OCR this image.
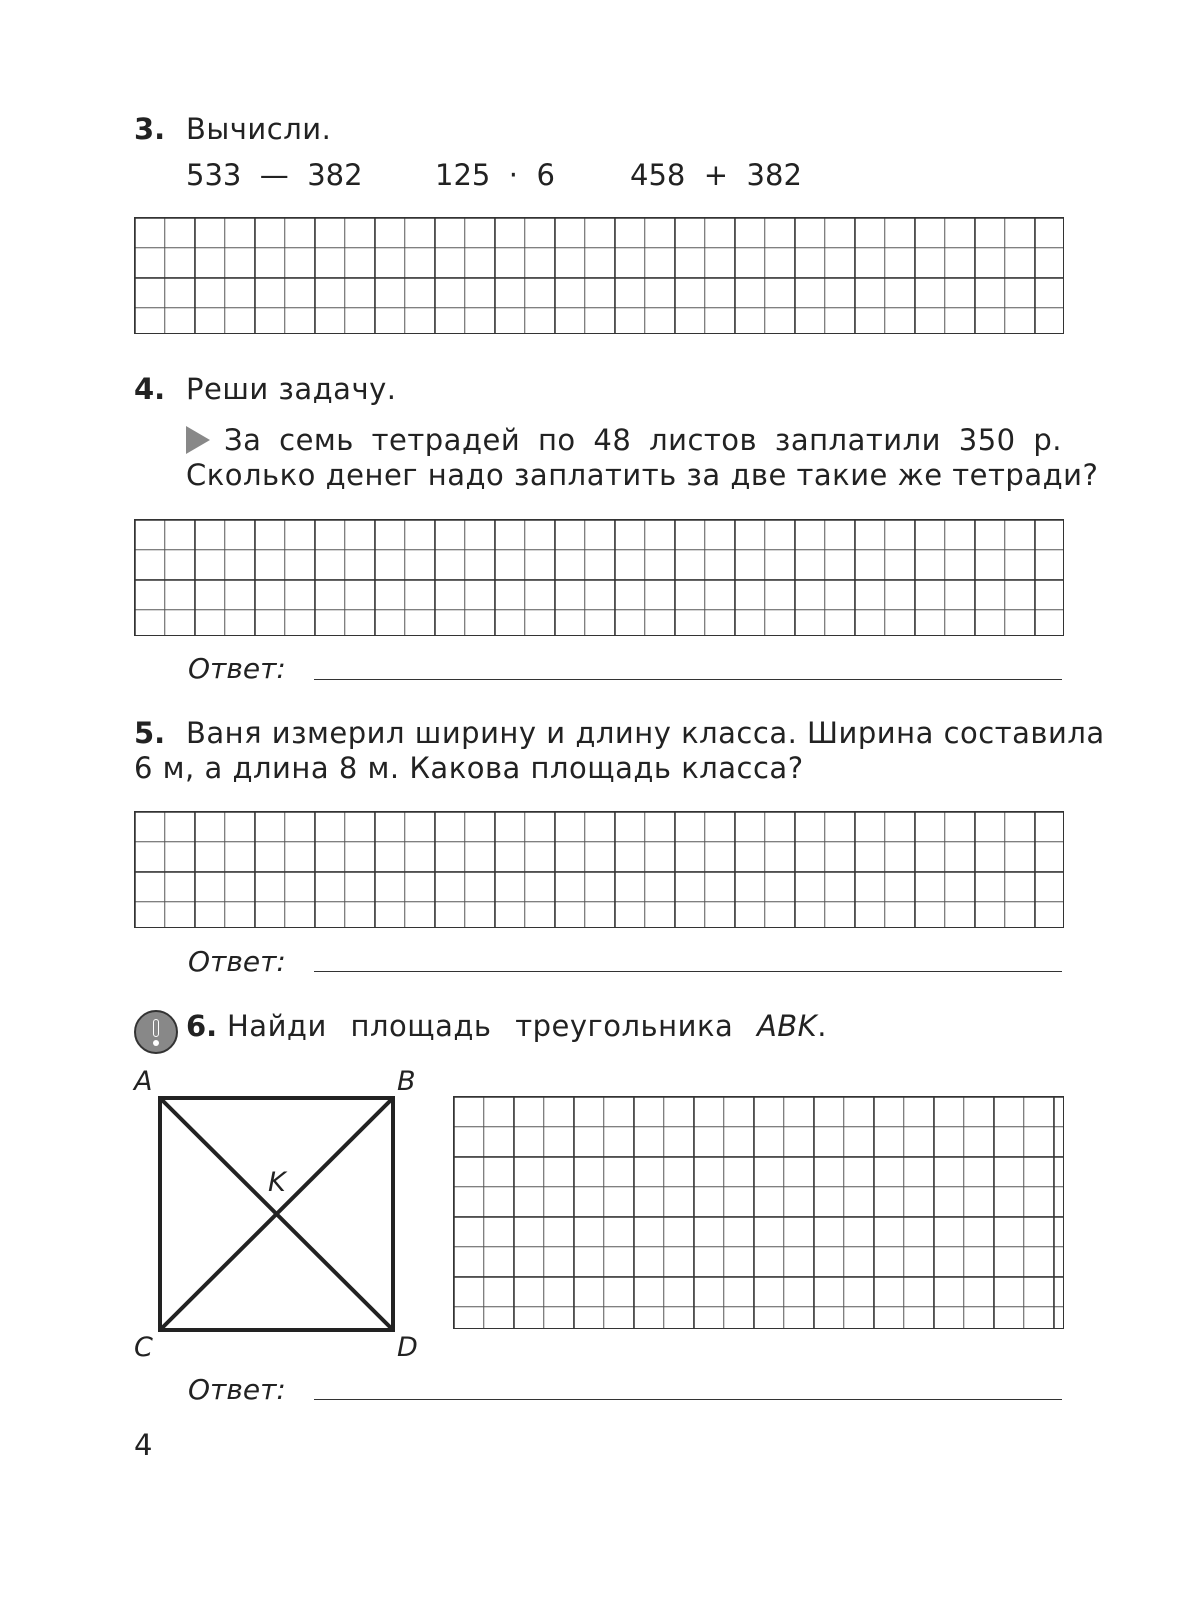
3. Вычисли.
533 — 382 125 · 6	458 + 382
4. Реши задачу.
За семь тетрадей по 48 листов заплатили 350 р.
Сколько денег надо заплатить за две такие же тетради?
Ответ:
5. Ваня измерил ширину и длину класса. Ширина составила
6 м, а длина 8 м. Какова площадь класса?
Ответ:
6. Найди площадь треугольника ABK.
A	B
K
C	D
Ответ:
4
